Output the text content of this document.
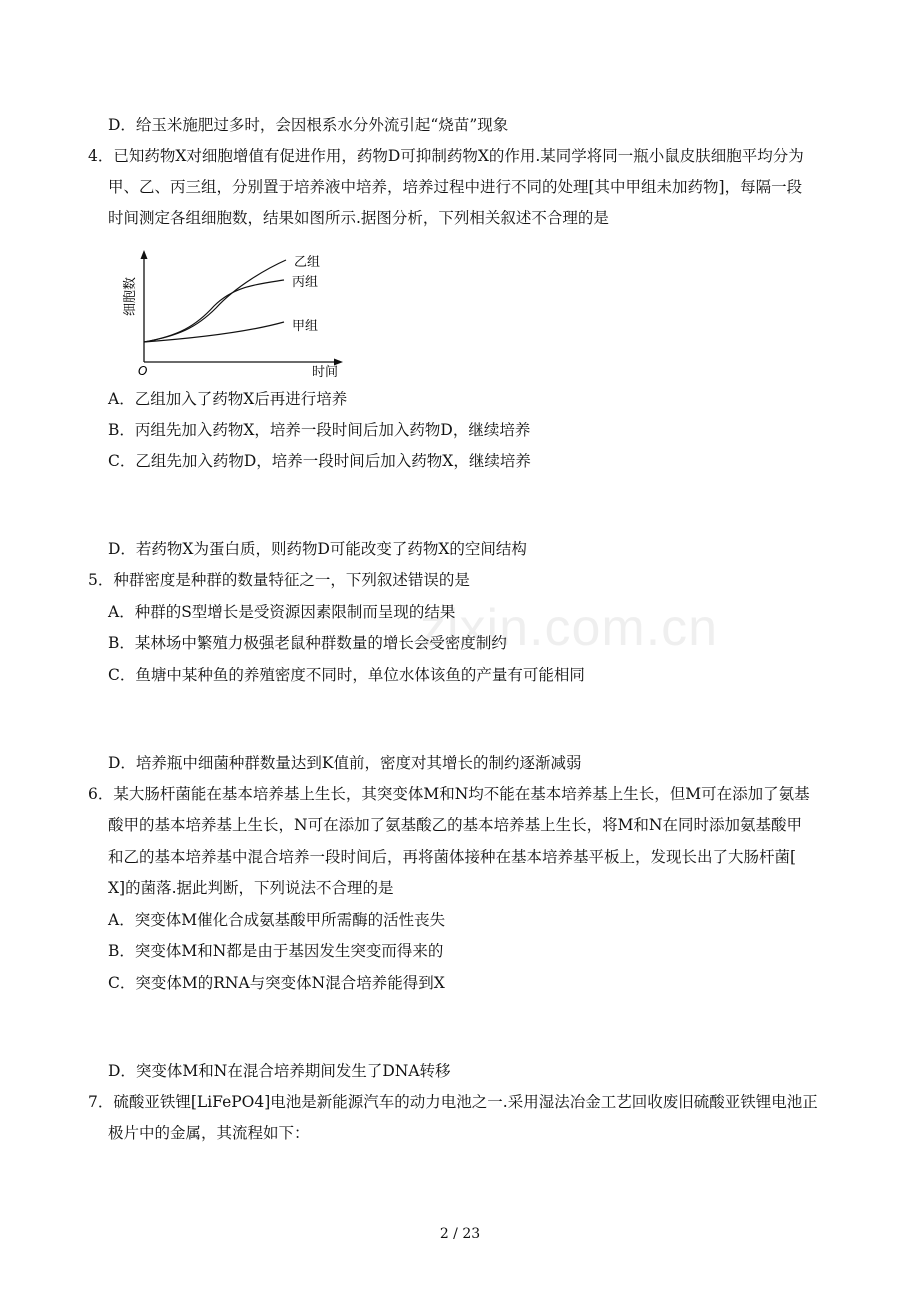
zixin.com.cn
D．给玉米施肥过多时，会因根系水分外流引起“烧苗”现象
4．已知药物X对细胞增值有促进作用，药物D可抑制药物X的作用.某同学将同一瓶小鼠皮肤细胞平均分为
甲、乙、丙三组，分别置于培养液中培养，培养过程中进行不同的处理[其中甲组未加药物]，每隔一段
时间测定各组细胞数，结果如图所示.据图分析，下列相关叙述不合理的是
乙组
丙组
甲组
O	时间
细胞数
A．乙组加入了药物X后再进行培养
B．丙组先加入药物X，培养一段时间后加入药物D，继续培养
C．乙组先加入药物D，培养一段时间后加入药物X，继续培养
D．若药物X为蛋白质，则药物D可能改变了药物X的空间结构
5．种群密度是种群的数量特征之一，下列叙述错误的是
A．种群的S型增长是受资源因素限制而呈现的结果
B．某林场中繁殖力极强老鼠种群数量的增长会受密度制约
C．鱼塘中某种鱼的养殖密度不同时，单位水体该鱼的产量有可能相同
D．培养瓶中细菌种群数量达到K值前，密度对其增长的制约逐渐减弱
6．某大肠杆菌能在基本培养基上生长，其突变体M和N均不能在基本培养基上生长，但M可在添加了氨基
酸甲的基本培养基上生长，N可在添加了氨基酸乙的基本培养基上生长，将M和N在同时添加氨基酸甲
和乙的基本培养基中混合培养一段时间后，再将菌体接种在基本培养基平板上，发现长出了大肠杆菌[
X]的菌落.据此判断，下列说法不合理的是
A．突变体M催化合成氨基酸甲所需酶的活性丧失
B．突变体M和N都是由于基因发生突变而得来的
C．突变体M的RNA与突变体N混合培养能得到X
D．突变体M和N在混合培养期间发生了DNA转移
7．硫酸亚铁锂[LiFePO4]电池是新能源汽车的动力电池之一.采用湿法冶金工艺回收废旧硫酸亚铁锂电池正
极片中的金属，其流程如下：
2 / 23
